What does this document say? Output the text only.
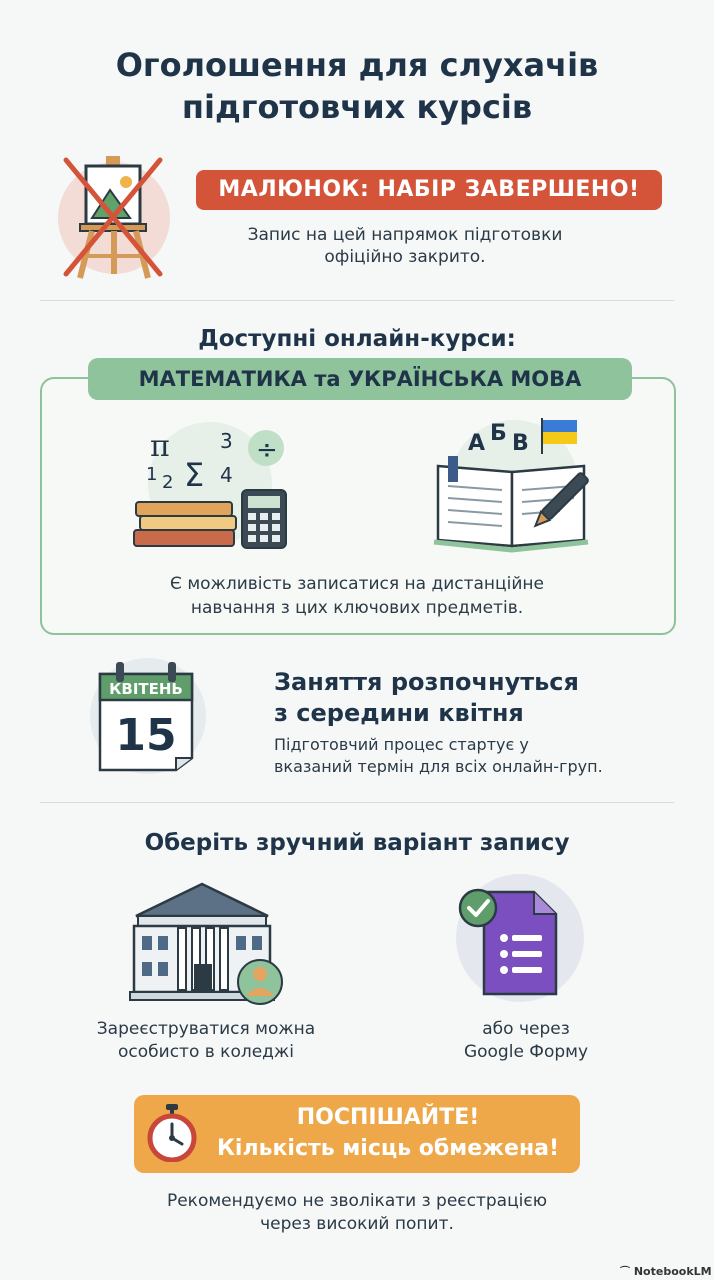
Оголошення для слухачів
підготовчих курсів
МАЛЮНОК: НАБІР ЗАВЕРШЕНО!
Запис на цей напрямок підготовки
офіційно закрито.
Доступні онлайн-курси:
МАТЕМАТИКА та УКРАЇНСЬКА МОВА
π
1 2 Σ
3
4
÷	А Б В
Є можливість записатися на дистанційне
навчання з цих ключових предметів.
КВІТЕНЬ
15
Заняття розпочнуться
з середини квітня
Підготовчий процес стартує у
вказаний термін для всіх онлайн-груп.
Оберіть зручний варіант запису
Зареєструватися можна
особисто в коледжі
або через
Google Форму
ПОСПІШАЙТЕ!
Кількість місць обмежена!
Рекомендуємо не зволікати з реєстрацією
через високий попит.
⌒ NotebookLM
